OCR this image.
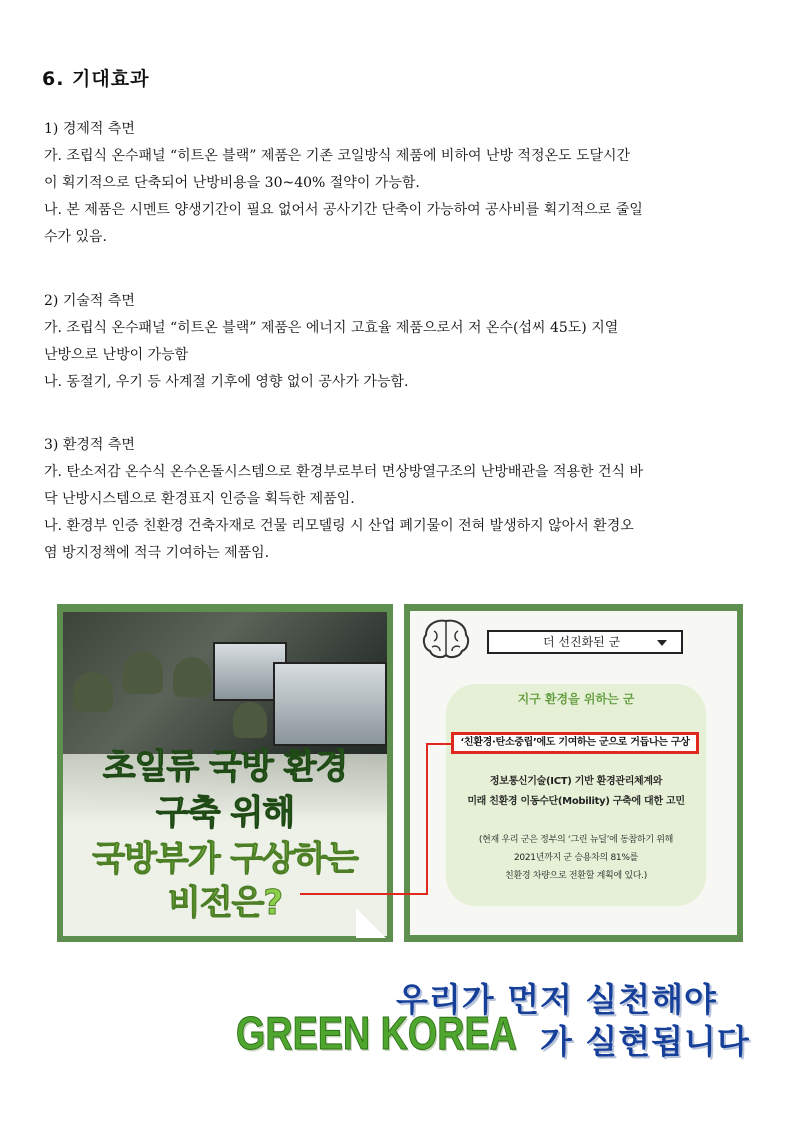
6. 기대효과
1) 경제적 측면
가. 조립식 온수패널 “히트온 블랙” 제품은 기존 코일방식 제품에 비하여 난방 적정온도 도달시간
이 획기적으로 단축되어 난방비용을 30~40% 절약이 가능함.
나. 본 제품은 시멘트 양생기간이 필요 없어서 공사기간 단축이 가능하여 공사비를 획기적으로 줄일
수가 있음.
2) 기술적 측면
가. 조립식 온수패널 “히트온 블랙” 제품은 에너지 고효율 제품으로서 저 온수(섭씨 45도) 지열
난방으로 난방이 가능함
나. 동절기, 우기 등 사계절 기후에 영향 없이 공사가 가능함.
3) 환경적 측면
가. 탄소저감 온수식 온수온돌시스템으로 환경부로부터 면상방열구조의 난방배관을 적용한 건식 바
닥 난방시스템으로 환경표지 인증을 획득한 제품임.
나. 환경부 인증 친환경 건축자재로 건물 리모델링 시 산업 폐기물이 전혀 발생하지 않아서 환경오
염 방지정책에 적극 기여하는 제품임.
초일류 국방 환경
구축 위해
국방부가 구상하는
비전은?
더 선진화된 군
지구 환경을 위하는 군
‘친환경·탄소중립’에도 기여하는 군으로 거듭나는 구상
정보통신기술(ICT) 기반 환경관리체계와
미래 친환경 이동수단(Mobility) 구축에 대한 고민
(현재 우리 군은 정부의 ‘그린 뉴딜’에 동참하기 위해
2021년까지 군 승용차의 81%를
친환경 차량으로 전환할 계획에 있다.)
우리가 먼저 실천해야
GREEN KOREA 가 실현됩니다
